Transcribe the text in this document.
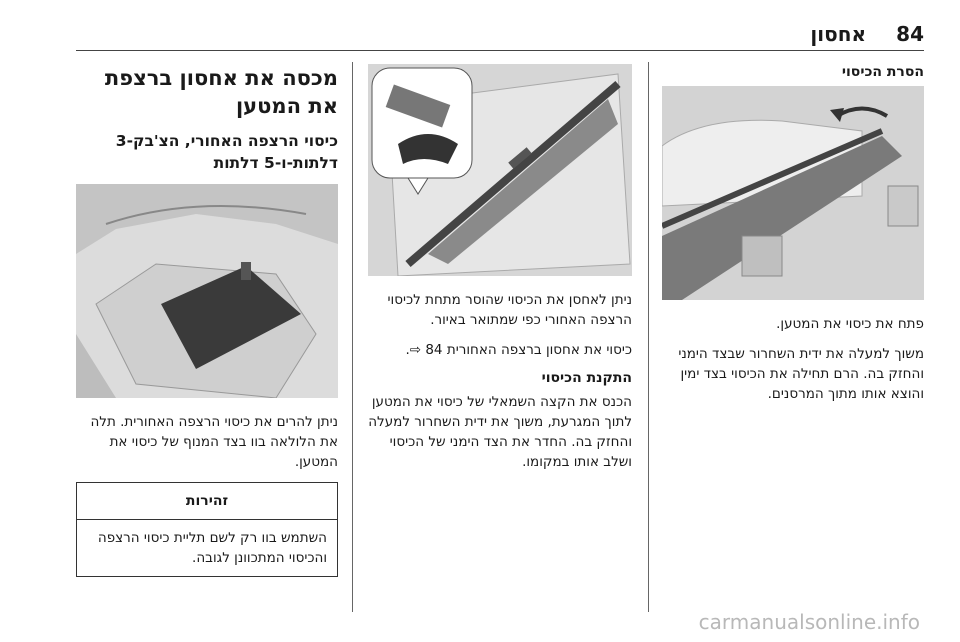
84
אחסון
מכסה את אחסון ברצפת את המטען
כיסוי הרצפה האחורי, הצ'בק-3 דלתות-ו-5 דלתות

ניתן להרים את כיסוי הרצפה האחורית. תלה את הלולאה בוו בצד המנוף של כיסוי את המטען.

זהירות
השתמש בוו רק לשם תליית כיסוי הרצפה והכיסוי המתכוונן לגובה.

ניתן לאחסן את הכיסוי שהוסר מתחת לכיסוי הרצפה האחורי כפי שמתואר באיור.

כיסוי את אחסון ברצפה האחורית 84 ⇨.

התקנת הכיסוי

הכנס את הקצה השמאלי של כיסוי את המטען לתוך המגרעת, משוך את ידית השחרור למעלה והחזק בה. החדר את הצד הימני של הכיסוי ושלב אותו במקומו.

הסרת הכיסוי

פתח את כיסוי את המטען.

משוך למעלה את ידית השחרור שבצד הימני והחזק בה. הרם תחילה את הכיסוי בצד ימין והוצא אותו מתוך המרסנים.

carmanualsonline.info
